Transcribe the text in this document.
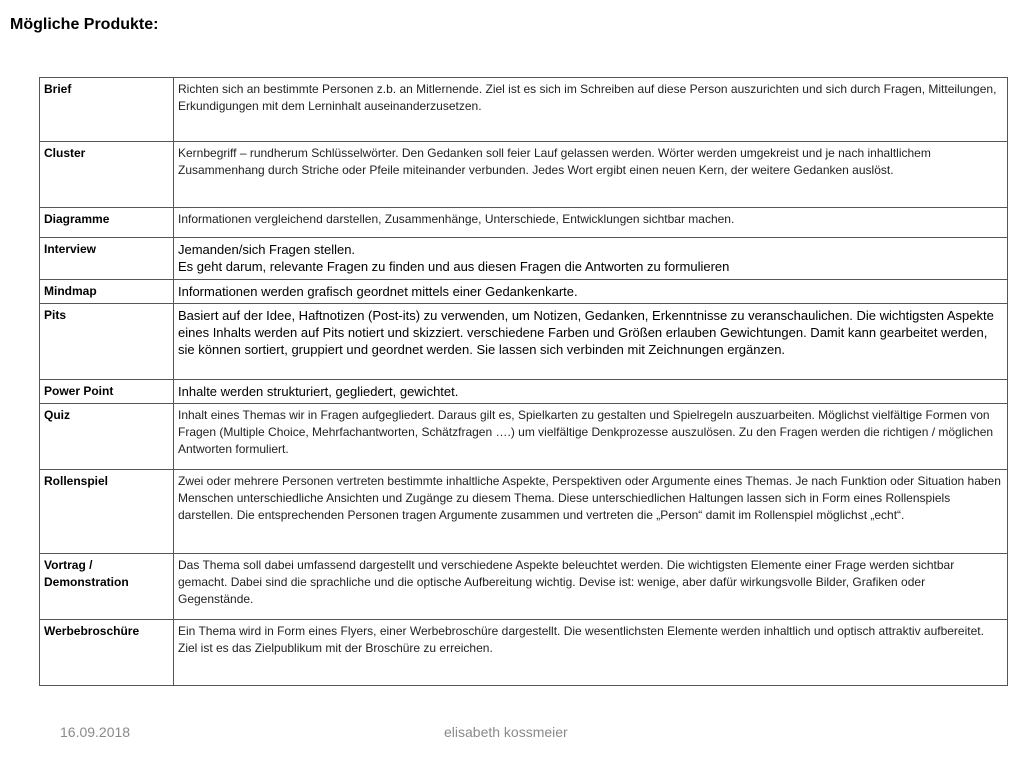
Mögliche Produkte:
Brief	Richten sich an bestimmte Personen z.b. an Mitlernende. Ziel ist es sich im Schreiben auf diese Person auszurichten und sich durch Fragen, Mitteilungen, Erkundigungen mit dem Lerninhalt auseinanderzusetzen.
Cluster	Kernbegriff – rundherum Schlüsselwörter. Den Gedanken soll feier Lauf gelassen werden. Wörter werden umgekreist und je nach inhaltlichem Zusammenhang durch Striche oder Pfeile miteinander verbunden. Jedes Wort ergibt einen neuen Kern, der weitere Gedanken auslöst.
Diagramme	Informationen vergleichend darstellen, Zusammenhänge, Unterschiede, Entwicklungen sichtbar machen.
Interview	Jemanden/sich Fragen stellen.
Es geht darum, relevante Fragen zu finden und aus diesen Fragen die Antworten zu formulieren

Mindmap	Informationen werden grafisch geordnet mittels einer Gedankenkarte.
Pits	Basiert auf der Idee, Haftnotizen (Post-its) zu verwenden, um Notizen, Gedanken, Erkenntnisse zu veranschaulichen. Die wichtigsten Aspekte eines Inhalts werden auf Pits notiert und skizziert. verschiedene Farben und Größen erlauben Gewichtungen. Damit kann gearbeitet werden, sie können sortiert, gruppiert und geordnet werden. Sie lassen sich verbinden mit Zeichnungen ergänzen.
Power Point	Inhalte werden strukturiert, gegliedert, gewichtet.
Quiz	Inhalt eines Themas wir in Fragen aufgegliedert. Daraus gilt es, Spielkarten zu gestalten und Spielregeln auszuarbeiten. Möglichst vielfältige Formen von Fragen (Multiple Choice, Mehrfachantworten, Schätzfragen ….) um vielfältige Denkprozesse auszulösen. Zu den Fragen werden die richtigen / möglichen Antworten formuliert.
Rollenspiel	Zwei oder mehrere Personen vertreten bestimmte inhaltliche Aspekte, Perspektiven oder Argumente eines Themas. Je nach Funktion oder Situation haben Menschen unterschiedliche Ansichten und Zugänge zu diesem Thema. Diese unterschiedlichen Haltungen lassen sich in Form eines Rollenspiels darstellen. Die entsprechenden Personen tragen Argumente zusammen und vertreten die „Person“ damit im Rollenspiel möglichst „echt“.
Vortrag / Demonstration	Das Thema soll dabei umfassend dargestellt und verschiedene Aspekte beleuchtet werden. Die wichtigsten Elemente einer Frage werden sichtbar gemacht. Dabei sind die sprachliche und die optische Aufbereitung wichtig. Devise ist: wenige, aber dafür wirkungsvolle Bilder, Grafiken oder Gegenstände.
Werbebroschüre	Ein Thema wird in Form eines Flyers, einer Werbebroschüre dargestellt. Die wesentlichsten Elemente werden inhaltlich und optisch attraktiv aufbereitet. Ziel ist es das Zielpublikum mit der Broschüre zu erreichen.
16.09.2018	elisabeth kossmeier
